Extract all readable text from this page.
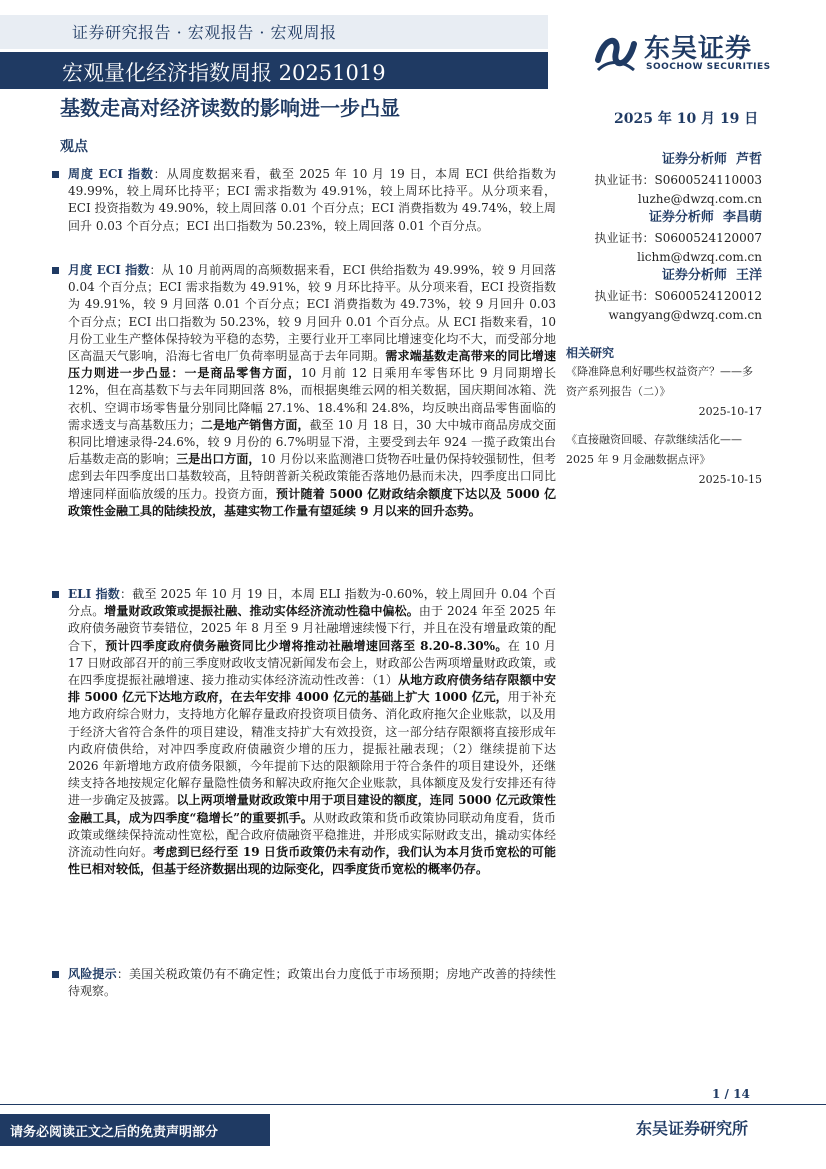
证券研究报告 · 宏观报告 · 宏观周报
宏观量化经济指数周报 20251019
基数走高对经济读数的影响进一步凸显	2025 年 10 月 19 日
东吴证券
SOOCHOW SECURITIES
观点

周度 ECI 指数：从周度数据来看，截至 2025 年 10 月 19 日，本周 ECI 供给指数为 49.99%，较上周环比持平；ECI 需求指数为 49.91%，较上周环比持平。从分项来看，ECI 投资指数为 49.90%，较上周回落 0.01 个百分点；ECI 消费指数为 49.74%，较上周回升 0.03 个百分点；ECI 出口指数为 50.23%，较上周回落 0.01 个百分点。

月度 ECI 指数：从 10 月前两周的高频数据来看，ECI 供给指数为 49.99%，较 9 月回落 0.04 个百分点；ECI 需求指数为 49.91%，较 9 月环比持平。从分项来看，ECI 投资指数为 49.91%，较 9 月回落 0.01 个百分点；ECI 消费指数为 49.73%，较 9 月回升 0.03 个百分点；ECI 出口指数为 50.23%，较 9 月回升 0.01 个百分点。从 ECI 指数来看，10 月份工业生产整体保持较为平稳的态势，主要行业开工率同比增速变化均不大，而受部分地区高温天气影响，沿海七省电厂负荷率明显高于去年同期。需求端基数走高带来的同比增速压力则进一步凸显：一是商品零售方面，10 月前 12 日乘用车零售环比 9 月同期增长 12%，但在高基数下与去年同期回落 8%，而根据奥维云网的相关数据，国庆期间冰箱、洗衣机、空调市场零售量分别同比降幅 27.1%、18.4%和 24.8%，均反映出商品零售面临的需求透支与高基数压力；二是地产销售方面，截至 10 月 18 日，30 大中城市商品房成交面积同比增速录得-24.6%，较 9 月份的 6.7%明显下滑，主要受到去年 924 一揽子政策出台后基数走高的影响；三是出口方面，10 月份以来监测港口货物吞吐量仍保持较强韧性，但考虑到去年四季度出口基数较高，且特朗普新关税政策能否落地仍悬而未决，四季度出口同比增速同样面临放缓的压力。投资方面，预计随着 5000 亿财政结余额度下达以及 5000 亿政策性金融工具的陆续投放，基建实物工作量有望延续 9 月以来的回升态势。

ELI 指数：截至 2025 年 10 月 19 日，本周 ELI 指数为-0.60%，较上周回升 0.04 个百分点。增量财政政策或提振社融、推动实体经济流动性稳中偏松。由于 2024 年至 2025 年政府债务融资节奏错位，2025 年 8 月至 9 月社融增速续慢下行，并且在没有增量政策的配合下，预计四季度政府债务融资同比少增将推动社融增速回落至 8.20-8.30%。在 10 月 17 日财政部召开的前三季度财政收支情况新闻发布会上，财政部公告两项增量财政政策，或在四季度提振社融增速、接力推动实体经济流动性改善：（1）从地方政府债务结存限额中安排 5000 亿元下达地方政府，在去年安排 4000 亿元的基础上扩大 1000 亿元，用于补充地方政府综合财力，支持地方化解存量政府投资项目债务、消化政府拖欠企业账款，以及用于经济大省符合条件的项目建设，精准支持扩大有效投资，这一部分结存限额将直接形成年内政府债供给，对冲四季度政府债融资少增的压力，提振社融表现；（2）继续提前下达 2026 年新增地方政府债务限额，今年提前下达的限额除用于符合条件的项目建设外，还继续支持各地按规定化解存量隐性债务和解决政府拖欠企业账款，具体额度及发行安排还有待进一步确定及披露。以上两项增量财政政策中用于项目建设的额度，连同 5000 亿元政策性金融工具，成为四季度“稳增长”的重要抓手。从财政政策和货币政策协同联动角度看，货币政策或继续保持流动性宽松，配合政府债融资平稳推进，并形成实际财政支出，撬动实体经济流动性向好。考虑到已经行至 19 日货币政策仍未有动作，我们认为本月货币宽松的可能性已相对较低，但基于经济数据出现的边际变化，四季度货币宽松的概率仍存。

风险提示：美国关税政策仍有不确定性；政策出台力度低于市场预期；房地产改善的持续性待观察。

证券分析师 芦哲
执业证书：S0600524110003
luzhe@dwzq.com.cn
证券分析师 李昌萌
执业证书：S0600524120007
lichm@dwzq.com.cn
证券分析师 王洋
执业证书：S0600524120012
wangyang@dwzq.com.cn
相关研究
《降准降息利好哪些权益资产？——多资产系列报告（二）》
2025-10-17
《直接融资回暖、存款继续活化——2025 年 9 月金融数据点评》
2025-10-15
1 / 14
请务必阅读正文之后的免责声明部分	东吴证券研究所
